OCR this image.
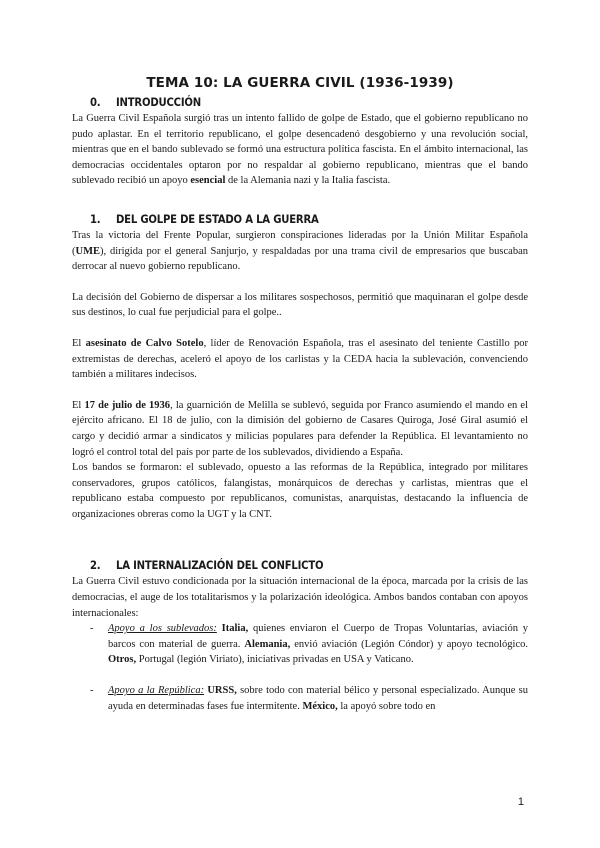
TEMA 10: LA GUERRA CIVIL (1936-1939)
0. INTRODUCCIÓN

La Guerra Civil Española surgió tras un intento fallido de golpe de Estado, que el gobierno republicano no pudo aplastar. En el territorio republicano, el golpe desencadenó desgobierno y una revolución social, mientras que en el bando sublevado se formó una estructura política fascista. En el ámbito internacional, las democracias occidentales optaron por no respaldar al gobierno republicano, mientras que el bando sublevado recibió un apoyo esencial de la Alemania nazi y la Italia fascista.

1. DEL GOLPE DE ESTADO A LA GUERRA

Tras la victoria del Frente Popular, surgieron conspiraciones lideradas por la Unión Militar Española (UME), dirigida por el general Sanjurjo, y respaldadas por una trama civil de empresarios que buscaban derrocar al nuevo gobierno republicano.

La decisión del Gobierno de dispersar a los militares sospechosos, permitió que maquinaran el golpe desde sus destinos, lo cual fue perjudicial para el golpe..

El asesinato de Calvo Sotelo, líder de Renovación Española, tras el asesinato del teniente Castillo por extremistas de derechas, aceleró el apoyo de los carlistas y la CEDA hacia la sublevación, convenciendo también a militares indecisos.

El 17 de julio de 1936, la guarnición de Melilla se sublevó, seguida por Franco asumiendo el mando en el ejército africano. El 18 de julio, con la dimisión del gobierno de Casares Quiroga, José Giral asumió el cargo y decidió armar a sindicatos y milicias populares para defender la República. El levantamiento no logró el control total del país por parte de los sublevados, dividiendo a España.

Los bandos se formaron: el sublevado, opuesto a las reformas de la República, integrado por militares conservadores, grupos católicos, falangistas, monárquicos de derechas y carlistas, mientras que el republicano estaba compuesto por republicanos, comunistas, anarquistas, destacando la influencia de organizaciones obreras como la UGT y la CNT.

2. LA INTERNALIZACIÓN DEL CONFLICTO

La Guerra Civil estuvo condicionada por la situación internacional de la época, marcada por la crisis de las democracias, el auge de los totalitarismos y la polarización ideológica. Ambos bandos contaban con apoyos internacionales:

- Apoyo a los sublevados: Italia, quienes enviaron el Cuerpo de Tropas Voluntarias, aviación y barcos con material de guerra. Alemania, envió aviación (Legión Cóndor) y apoyo tecnológico. Otros, Portugal (legión Viriato), iniciativas privadas en USA y Vaticano.
- Apoyo a la República: URSS, sobre todo con material bélico y personal especializado. Aunque su ayuda en determinadas fases fue intermitente. México, la apoyó sobre todo en
1
